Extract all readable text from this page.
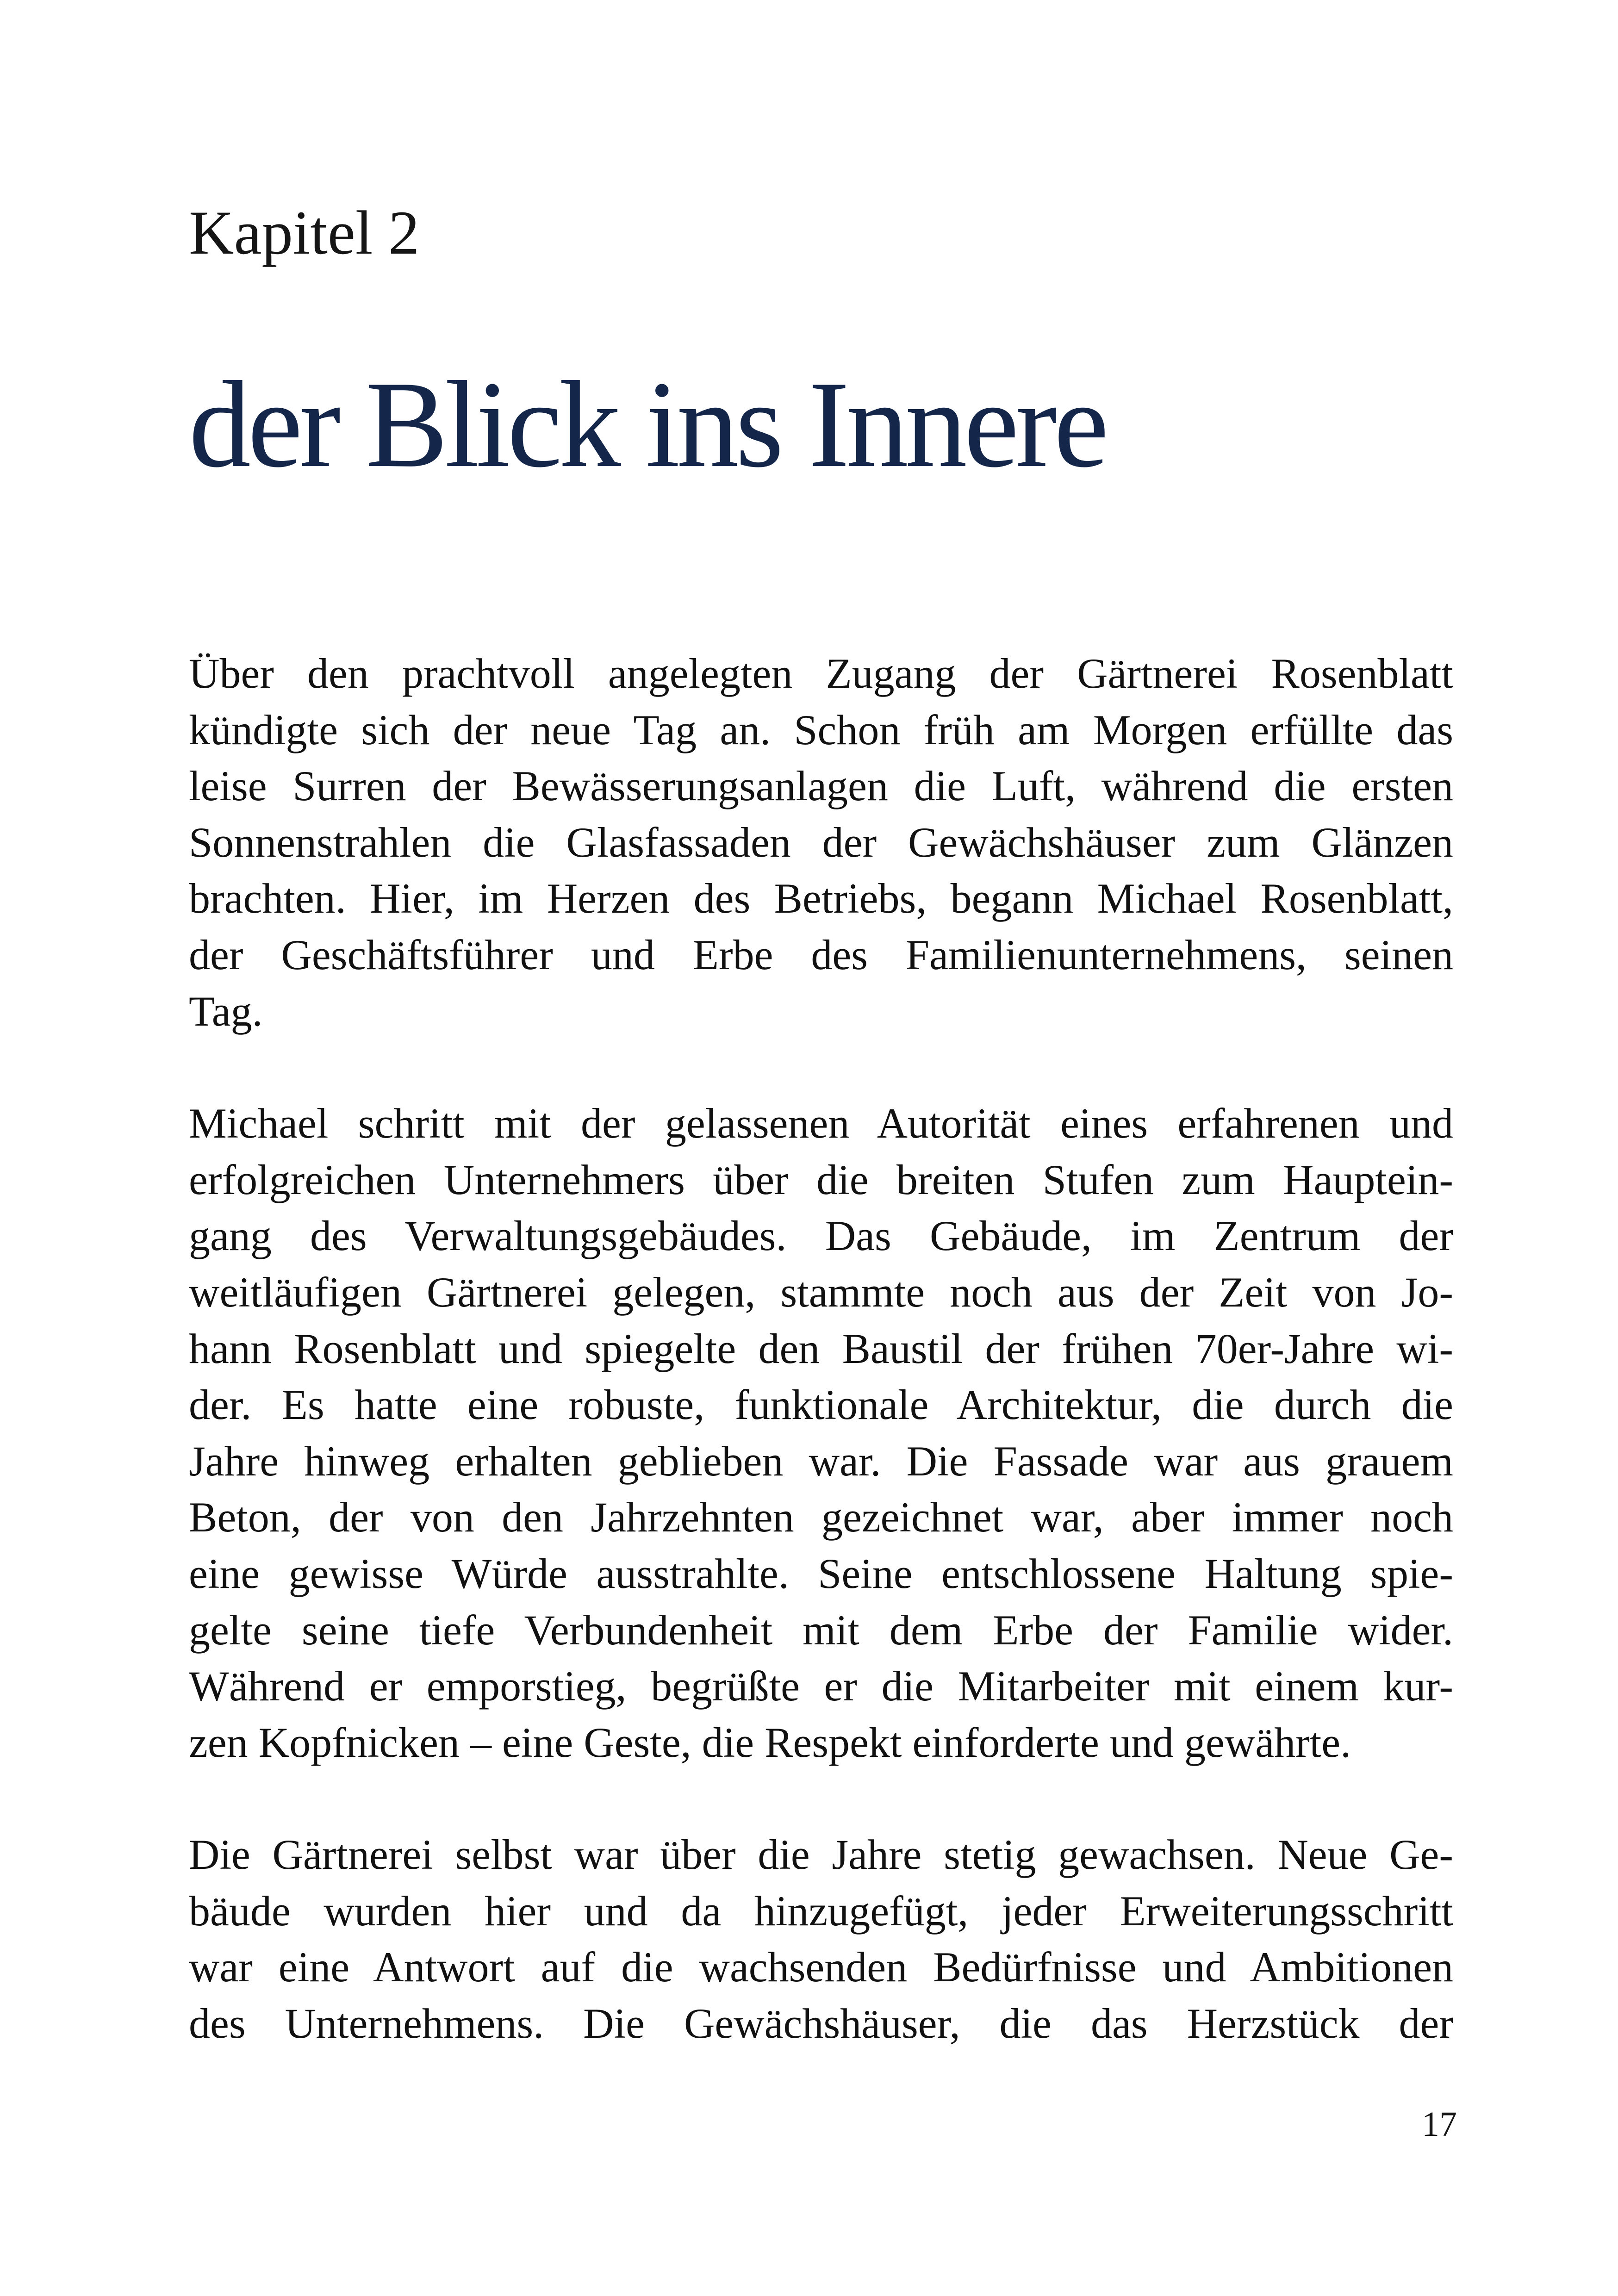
Kapitel 2
der Blick ins Innere
Über den prachtvoll angelegten Zugang der Gärtnerei Rosenblatt
kündigte sich der neue Tag an. Schon früh am Morgen erfüllte das
leise Surren der Bewässerungsanlagen die Luft, während die ersten
Sonnenstrahlen die Glasfassaden der Gewächshäuser zum Glänzen
brachten. Hier, im Herzen des Betriebs, begann Michael Rosenblatt,
der Geschäftsführer und Erbe des Familienunternehmens, seinen
Tag.
Michael schritt mit der gelassenen Autorität eines erfahrenen und
erfolgreichen Unternehmers über die breiten Stufen zum Hauptein-
gang des Verwaltungsgebäudes. Das Gebäude, im Zentrum der
weitläufigen Gärtnerei gelegen, stammte noch aus der Zeit von Jo-
hann Rosenblatt und spiegelte den Baustil der frühen 70er-Jahre wi-
der. Es hatte eine robuste, funktionale Architektur, die durch die
Jahre hinweg erhalten geblieben war. Die Fassade war aus grauem
Beton, der von den Jahrzehnten gezeichnet war, aber immer noch
eine gewisse Würde ausstrahlte. Seine entschlossene Haltung spie-
gelte seine tiefe Verbundenheit mit dem Erbe der Familie wider.
Während er emporstieg, begrüßte er die Mitarbeiter mit einem kur-
zen Kopfnicken – eine Geste, die Respekt einforderte und gewährte.
Die Gärtnerei selbst war über die Jahre stetig gewachsen. Neue Ge-
bäude wurden hier und da hinzugefügt, jeder Erweiterungsschritt
war eine Antwort auf die wachsenden Bedürfnisse und Ambitionen
des Unternehmens. Die Gewächshäuser, die das Herzstück der
17
